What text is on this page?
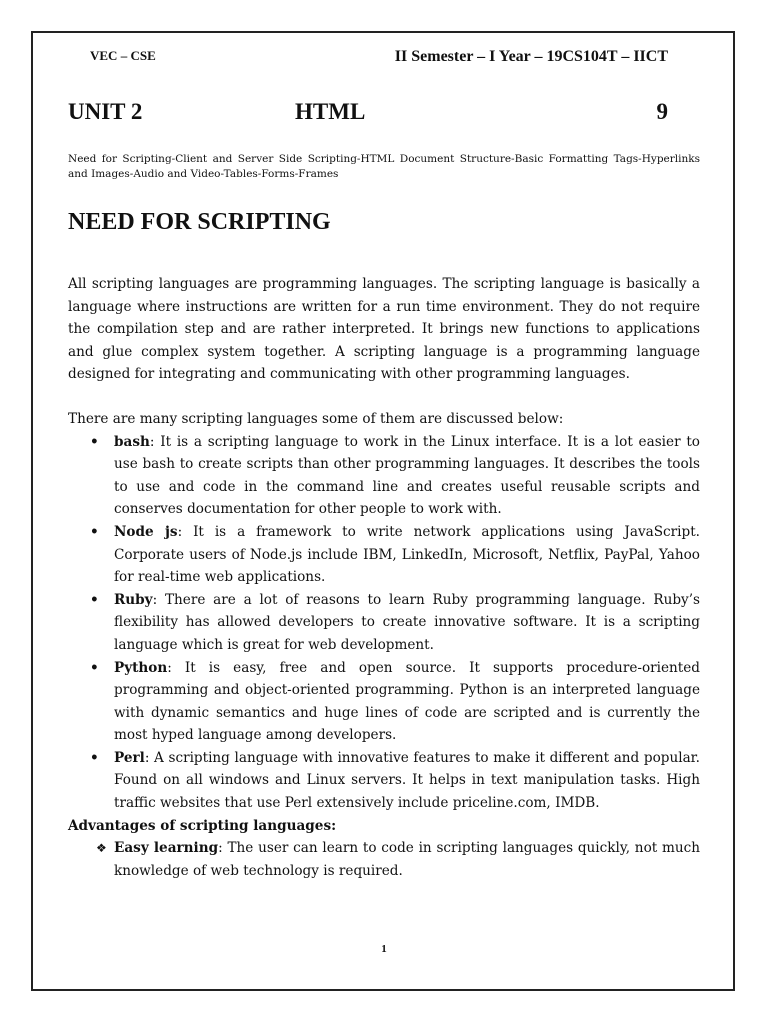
VEC – CSE	II Semester – I Year – 19CS104T – IICT
UNIT 2	HTML	9
Need for Scripting-Client and Server Side Scripting-HTML Document Structure-Basic Formatting Tags-Hyperlinks and Images-Audio and Video-Tables-Forms-Frames
NEED FOR SCRIPTING

All scripting languages are programming languages. The scripting language is basically a language where instructions are written for a run time environment. They do not require the compilation step and are rather interpreted. It brings new functions to applications and glue complex system together. A scripting language is a programming language designed for integrating and communicating with other programming languages.

There are many scripting languages some of them are discussed below:

• bash: It is a scripting language to work in the Linux interface. It is a lot easier to use bash to create scripts than other programming languages. It describes the tools to use and code in the command line and creates useful reusable scripts and conserves documentation for other people to work with.
• Node js: It is a framework to write network applications using JavaScript. Corporate users of Node.js include IBM, LinkedIn, Microsoft, Netflix, PayPal, Yahoo for real-time web applications.
• Ruby: There are a lot of reasons to learn Ruby programming language. Ruby’s flexibility has allowed developers to create innovative software. It is a scripting language which is great for web development.
• Python: It is easy, free and open source. It supports procedure-oriented programming and object-oriented programming. Python is an interpreted language with dynamic semantics and huge lines of code are scripted and is currently the most hyped language among developers.
• Perl: A scripting language with innovative features to make it different and popular. Found on all windows and Linux servers. It helps in text manipulation tasks. High traffic websites that use Perl extensively include priceline.com, IMDB.

Advantages of scripting languages:

❖ Easy learning: The user can learn to code in scripting languages quickly, not much knowledge of web technology is required.
1
